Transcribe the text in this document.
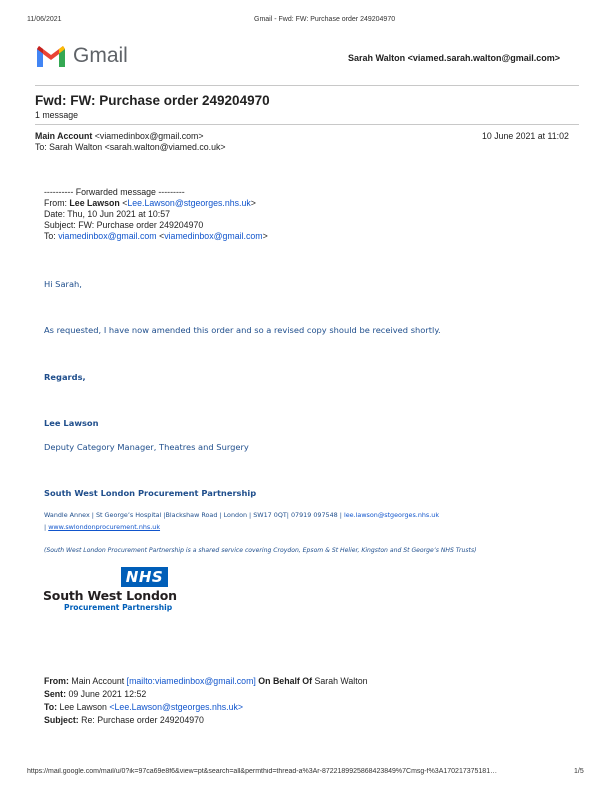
11/06/2021	Gmail - Fwd: FW: Purchase order 249204970
Gmail	Sarah Walton <viamed.sarah.walton@gmail.com>
Fwd: FW: Purchase order 249204970
1 message
Main Account <viamedinbox@gmail.com>	10 June 2021 at 11:02
To: Sarah Walton <sarah.walton@viamed.co.uk>
---------- Forwarded message ---------
From: Lee Lawson <Lee.Lawson@stgeorges.nhs.uk>
Date: Thu, 10 Jun 2021 at 10:57
Subject: FW: Purchase order 249204970
To: viamedinbox@gmail.com <viamedinbox@gmail.com>
Hi Sarah,
As requested, I have now amended this order and so a revised copy should be received shortly.
Regards,
Lee Lawson
Deputy Category Manager, Theatres and Surgery
South West London Procurement Partnership
Wandle Annex | St George’s Hospital |Blackshaw Road | London | SW17 0QT| 07919 097548 | lee.lawson@stgeorges.nhs.uk
| www.swlondonprocurement.nhs.uk
(South West London Procurement Partnership is a shared service covering Croydon, Epsom & St Helier, Kingston and St George’s NHS Trusts)
NHS
South West London
Procurement Partnership
From: Main Account [mailto:viamedinbox@gmail.com] On Behalf Of Sarah Walton
Sent: 09 June 2021 12:52
To: Lee Lawson <Lee.Lawson@stgeorges.nhs.uk>
Subject: Re: Purchase order 249204970
https://mail.google.com/mail/u/0?ik=97ca69e8f6&view=pt&search=all&permthid=thread-a%3Ar-8722189925868423849%7Cmsg-f%3A170217375181…	1/5
